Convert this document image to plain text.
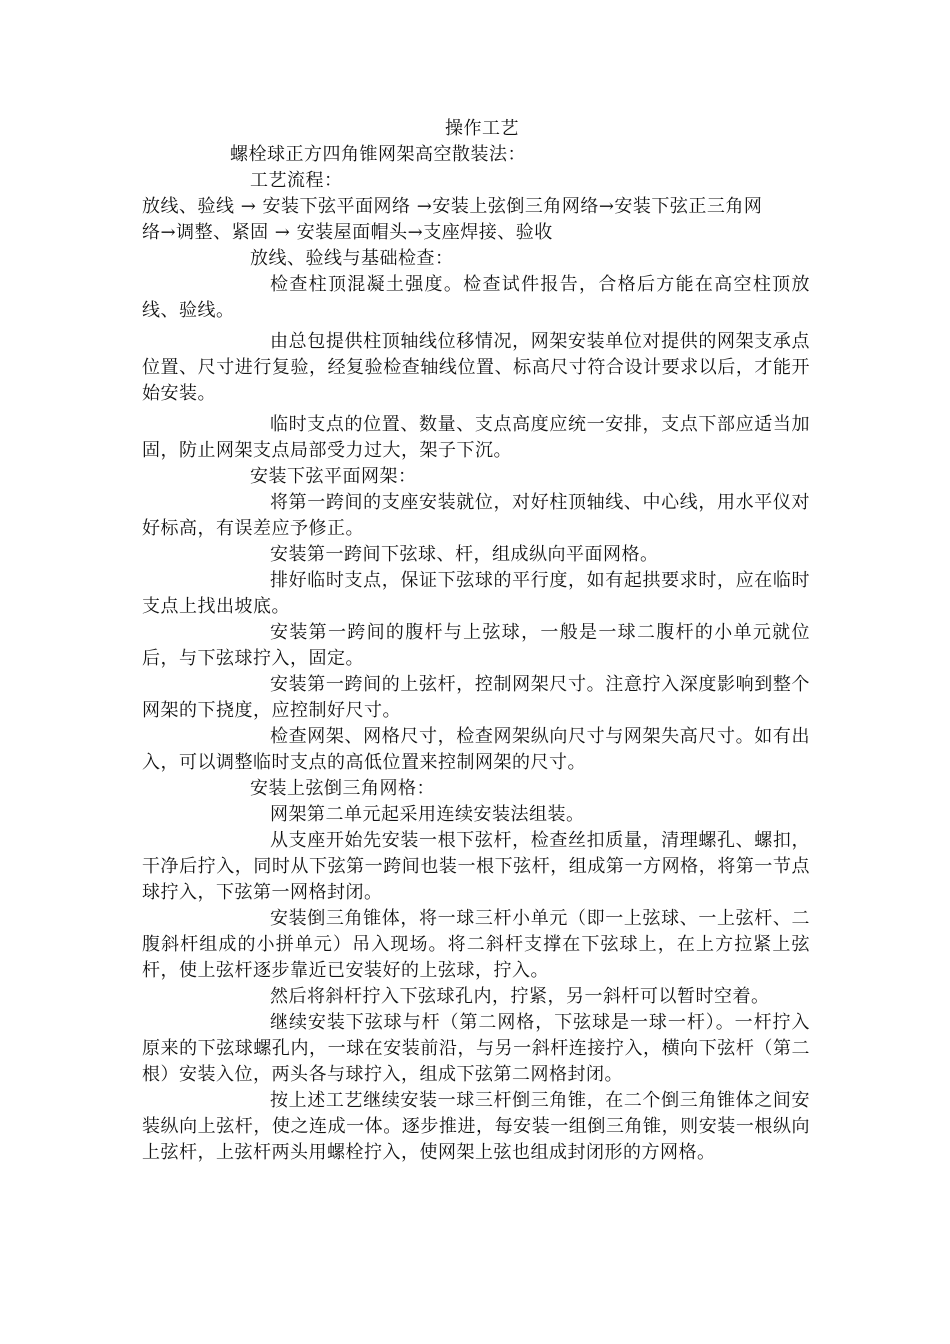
操作工艺

螺栓球正方四角锥网架高空散装法：

工艺流程：

放线、验线 → 安装下弦平面网络 →安装上弦倒三角网络→安装下弦正三角网

络→调整、紧固 → 安装屋面帽头→支座焊接、验收

放线、验线与基础检查：

检查柱顶混凝土强度。检查试件报告，合格后方能在高空柱顶放线、验线。

由总包提供柱顶轴线位移情况，网架安装单位对提供的网架支承点位置、尺寸进行复验，经复验检查轴线位置、标高尺寸符合设计要求以后，才能开始安装。

临时支点的位置、数量、支点高度应统一安排，支点下部应适当加固，防止网架支点局部受力过大，架子下沉。

安装下弦平面网架：

将第一跨间的支座安装就位，对好柱顶轴线、中心线，用水平仪对好标高，有误差应予修正。

安装第一跨间下弦球、杆，组成纵向平面网格。

排好临时支点，保证下弦球的平行度，如有起拱要求时，应在临时支点上找出坡底。

安装第一跨间的腹杆与上弦球，一般是一球二腹杆的小单元就位后，与下弦球拧入，固定。

安装第一跨间的上弦杆，控制网架尺寸。注意拧入深度影响到整个网架的下挠度，应控制好尺寸。

检查网架、网格尺寸，检查网架纵向尺寸与网架失高尺寸。如有出入，可以调整临时支点的高低位置来控制网架的尺寸。

安装上弦倒三角网格：

网架第二单元起采用连续安装法组装。

从支座开始先安装一根下弦杆，检查丝扣质量，清理螺孔、螺扣，干净后拧入，同时从下弦第一跨间也装一根下弦杆，组成第一方网格，将第一节点球拧入，下弦第一网格封闭。

安装倒三角锥体，将一球三杆小单元（即一上弦球、一上弦杆、二腹斜杆组成的小拼单元）吊入现场。将二斜杆支撑在下弦球上，在上方拉紧上弦杆，使上弦杆逐步靠近已安装好的上弦球，拧入。

然后将斜杆拧入下弦球孔内，拧紧，另一斜杆可以暂时空着。

继续安装下弦球与杆（第二网格，下弦球是一球一杆）。一杆拧入原来的下弦球螺孔内，一球在安装前沿，与另一斜杆连接拧入，横向下弦杆（第二根）安装入位，两头各与球拧入，组成下弦第二网格封闭。

按上述工艺继续安装一球三杆倒三角锥，在二个倒三角锥体之间安装纵向上弦杆，使之连成一体。逐步推进，每安装一组倒三角锥，则安装一根纵向上弦杆，上弦杆两头用螺栓拧入，使网架上弦也组成封闭形的方网格。
